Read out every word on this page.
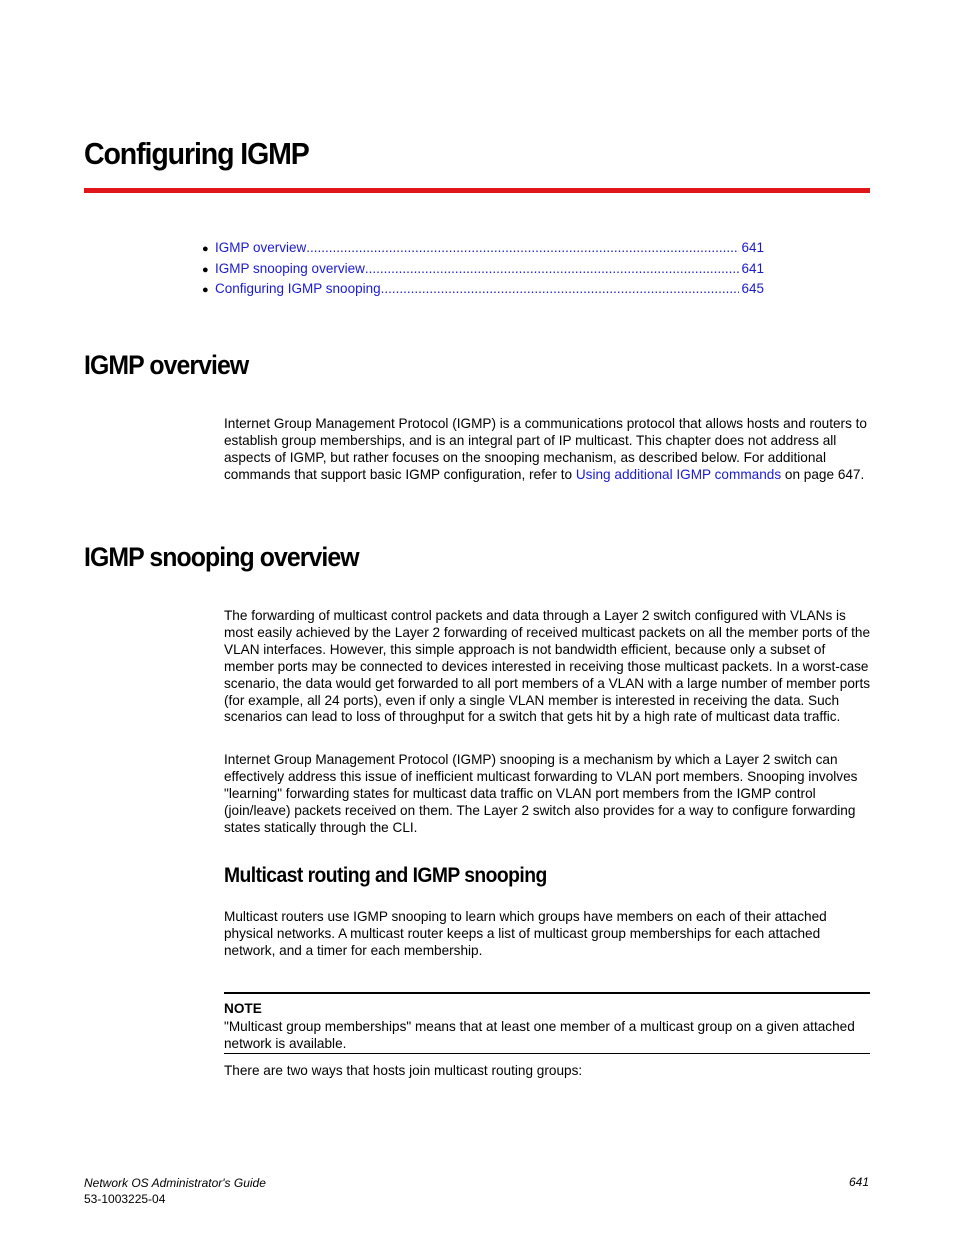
Configuring IGMP
● IGMP overview .....	641
● IGMP snooping overview .....	641
● Configuring IGMP snooping .....	645
IGMP overview

Internet Group Management Protocol (IGMP) is a communications protocol that allows hosts and routers to establish group memberships, and is an integral part of IP multicast. This chapter does not address all aspects of IGMP, but rather focuses on the snooping mechanism, as described below. For additional commands that support basic IGMP configuration, refer to Using additional IGMP commands on page 647.

IGMP snooping overview

The forwarding of multicast control packets and data through a Layer 2 switch configured with VLANs is most easily achieved by the Layer 2 forwarding of received multicast packets on all the member ports of the VLAN interfaces. However, this simple approach is not bandwidth efficient, because only a subset of member ports may be connected to devices interested in receiving those multicast packets. In a worst-case scenario, the data would get forwarded to all port members of a VLAN with a large number of member ports (for example, all 24 ports), even if only a single VLAN member is interested in receiving the data. Such scenarios can lead to loss of throughput for a switch that gets hit by a high rate of multicast data traffic.

Internet Group Management Protocol (IGMP) snooping is a mechanism by which a Layer 2 switch can effectively address this issue of inefficient multicast forwarding to VLAN port members. Snooping involves "learning" forwarding states for multicast data traffic on VLAN port members from the IGMP control (join/leave) packets received on them. The Layer 2 switch also provides for a way to configure forwarding states statically through the CLI.

Multicast routing and IGMP snooping

Multicast routers use IGMP snooping to learn which groups have members on each of their attached physical networks. A multicast router keeps a list of multicast group memberships for each attached network, and a timer for each membership.

NOTE
"Multicast group memberships" means that at least one member of a multicast group on a given attached network is available.

There are two ways that hosts join multicast routing groups:

Network OS Administrator's Guide
53-1003225-04
641
